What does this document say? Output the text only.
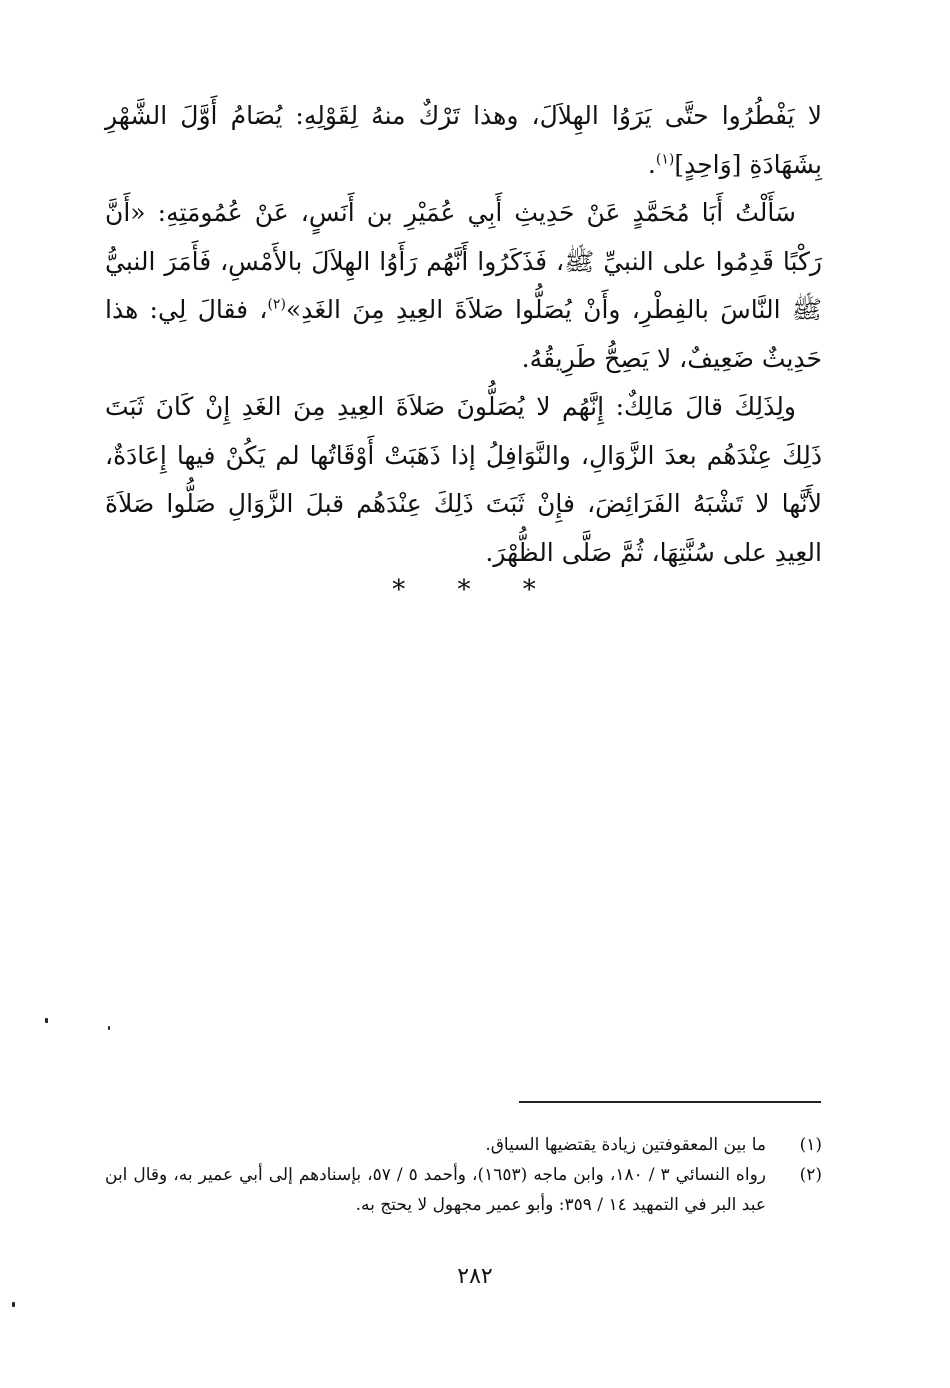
لا يَفْطُرُوا حتَّى يَرَوُا الهِلاَلَ، وهذا تَرْكٌ منهُ لِقَوْلِهِ: يُصَامُ أَوَّلَ الشَّهْرِ بِشَهَادَةِ [وَاحِدٍ]$^{(١)}$.

سَأَلْتُ أَبَا مُحَمَّدٍ عَنْ حَدِيثِ أَبِي عُمَيْرِ بن أَنَسٍ، عَنْ عُمُومَتِهِ: «أَنَّ رَكْبًا قَدِمُوا على النبيِّ ﷺ، فَذَكَرُوا أَنَّهُم رَأَوُا الهِلاَلَ بالأَمْسِ، فَأَمَرَ النبيُّ ﷺ النَّاسَ بالفِطْرِ، وأَنْ يُصَلُّوا صَلاَةَ العِيدِ مِنَ الغَدِ»$^{(٢)}$، فقالَ لِي: هذا حَدِيثٌ ضَعِيفٌ، لا يَصِحُّ طَرِيقُهُ.

ولِذَلِكَ قالَ مَالِكٌ: إِنَّهُم لا يُصَلُّونَ صَلاَةَ العِيدِ مِنَ الغَدِ إِنْ كَانَ ثَبَتَ ذَلِكَ عِنْدَهُم بعدَ الزَّوَالِ، والنَّوَافِلُ إذا ذَهَبَتْ أَوْقَاتُها لم يَكُنْ فيها إِعَادَةٌ، لأَنَّها لا تَشْبَهُ الفَرَائِضَ، فإِنْ ثَبَتَ ذَلِكَ عِنْدَهُم قبلَ الزَّوَالِ صَلُّوا صَلاَةَ العِيدِ على سُنَّتِهَا، ثُمَّ صَلَّى الظُّهْرَ.

* * *
(١)
ما بين المعقوفتين زيادة يقتضيها السياق.
(٢)
رواه النسائي ٣ / ١٨٠، وابن ماجه (١٦٥٣)، وأحمد ٥ / ٥٧، بإسنادهم إلى أبي عمير به، وقال ابن عبد البر في التمهيد ١٤ / ٣٥٩: وأبو عمير مجهول لا يحتج به.
٢٨٢
